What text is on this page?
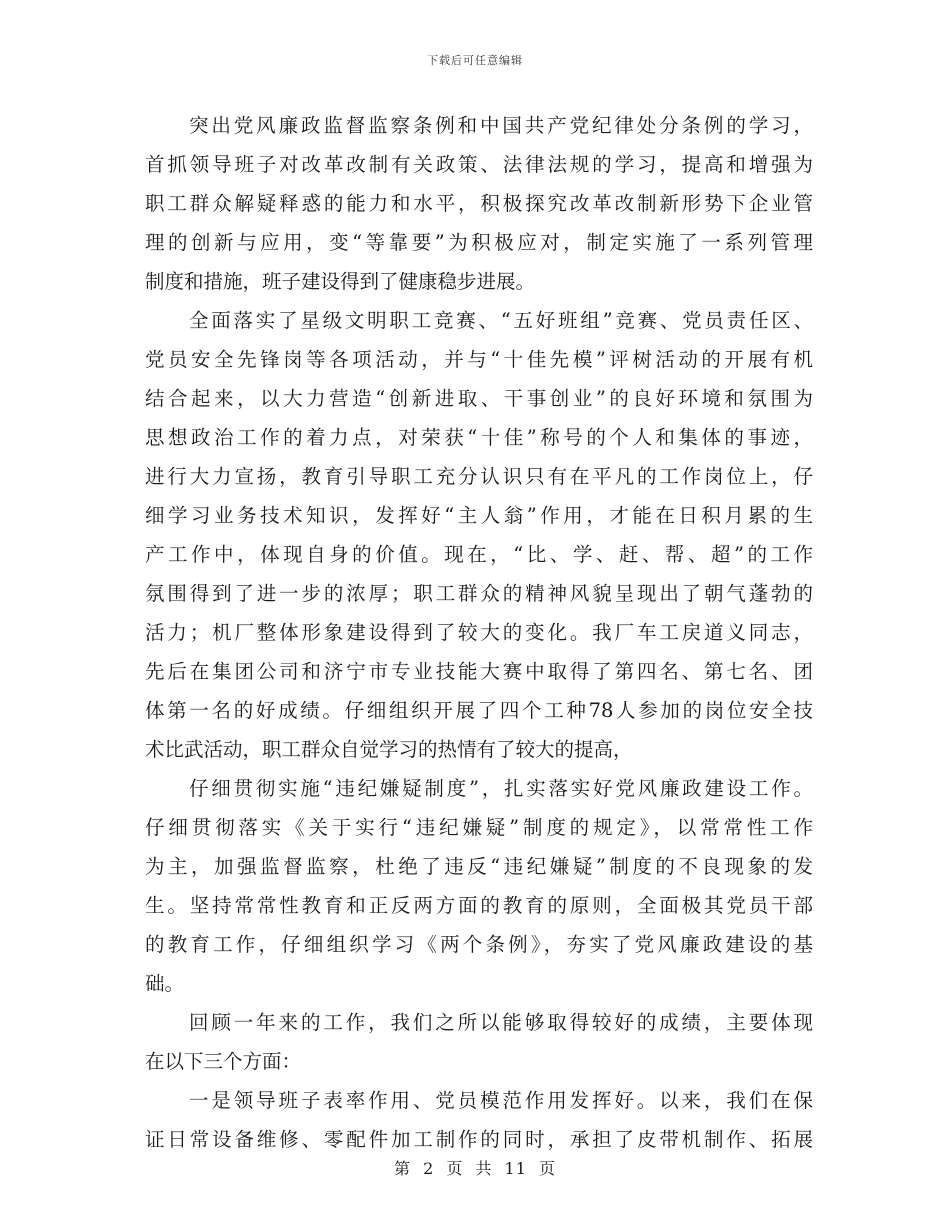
下载后可任意编辑
突出党风廉政监督监察条例和中国共产党纪律处分条例的学习，
首抓领导班子对改革改制有关政策、法律法规的学习，提高和增强为
职工群众解疑释惑的能力和水平，积极探究改革改制新形势下企业管
理的创新与应用，变“等靠要”为积极应对，制定实施了一系列管理
制度和措施，班子建设得到了健康稳步进展。
全面落实了星级文明职工竞赛、“五好班组”竞赛、党员责任区、
党员安全先锋岗等各项活动，并与“十佳先模”评树活动的开展有机
结合起来，以大力营造“创新进取、干事创业”的良好环境和氛围为
思想政治工作的着力点，对荣获“十佳”称号的个人和集体的事迹，
进行大力宣扬，教育引导职工充分认识只有在平凡的工作岗位上，仔
细学习业务技术知识，发挥好“主人翁”作用，才能在日积月累的生
产工作中，体现自身的价值。现在，“比、学、赶、帮、超”的工作
氛围得到了进一步的浓厚；职工群众的精神风貌呈现出了朝气蓬勃的
活力；机厂整体形象建设得到了较大的变化。我厂车工戻道义同志，
先后在集团公司和济宁市专业技能大赛中取得了第四名、第七名、团
体第一名的好成绩。仔细组织开展了四个工种78人参加的岗位安全技
术比武活动，职工群众自觉学习的热情有了较大的提高，
仔细贯彻实施“违纪嫌疑制度”，扎实落实好党风廉政建设工作。
仔细贯彻落实《关于实行“违纪嫌疑”制度的规定》，以常常性工作
为主，加强监督监察，杜绝了违反“违纪嫌疑”制度的不良现象的发
生。坚持常常性教育和正反两方面的教育的原则，全面极其党员干部
的教育工作，仔细组织学习《两个条例》，夯实了党风廉政建设的基
础。
回顾一年来的工作，我们之所以能够取得较好的成绩，主要体现
在以下三个方面：
一是领导班子表率作用、党员模范作用发挥好。以来，我们在保
证日常设备维修、零配件加工制作的同时，承担了皮带机制作、拓展
第 2 页 共 11 页
